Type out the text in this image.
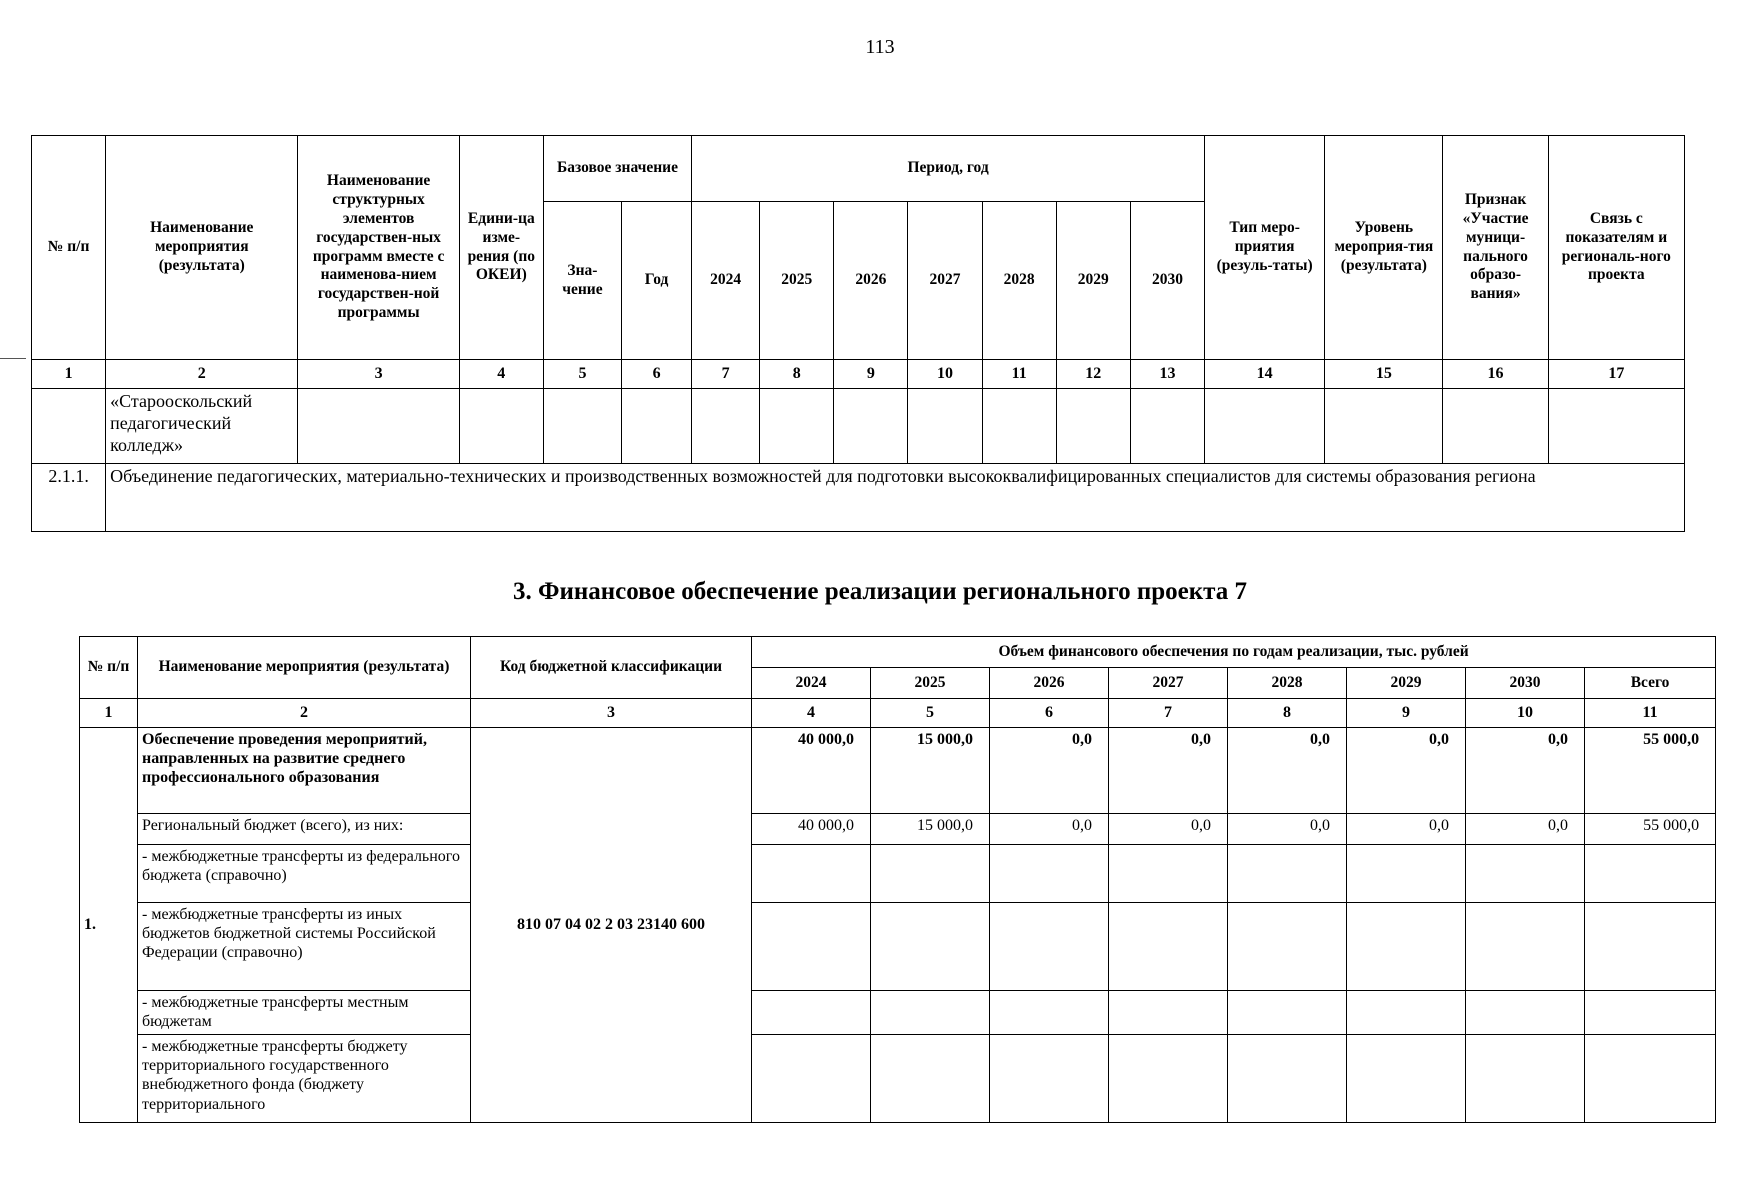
113
№ п/п	Наименование мероприятия (результата)	Наименование структурных элементов государствен-ных программ вместе с наименова-нием государствен-ной программы	Едини-ца изме-рения (по ОКЕИ)	Базовое значение		Период, год							Тип меро-приятия (резуль-таты)	Уровень мероприя-тия (результата)	Признак «Участие муници-пального образо-вания»	Связь с показателям и региональ-ного проекта
				Зна-чение	Год	2024	2025	2026	2027	2028	2029	2030				
1	2	3	4	5	6	7	8	9	10	11	12	13	14	15	16	17
	«Старооскольский педагогический колледж»															
2.1.1.	Объединение педагогических, материально-технических и производственных возможностей для подготовки высококвалифицированных специалистов для системы образования региона															
3. Финансовое обеспечение реализации регионального проекта 7
№ п/п	Наименование мероприятия (результата)	Код бюджетной классификации	Объем финансового обеспечения по годам реализации, тыс. рублей							
			2024	2025	2026	2027	2028	2029	2030	Всего
1	2	3	4	5	6	7	8	9	10	11
1.	Обеспечение проведения мероприятий, направленных на развитие среднего профессионального образования	810 07 04 02 2 03 23140 600	40 000,0	15 000,0	0,0	0,0	0,0	0,0	0,0	55 000,0
	Региональный бюджет (всего), из них:		40 000,0	15 000,0	0,0	0,0	0,0	0,0	0,0	55 000,0
	- межбюджетные трансферты из федерального бюджета (справочно)									
	- межбюджетные трансферты из иных бюджетов бюджетной системы Российской Федерации (справочно)									
	- межбюджетные трансферты местным бюджетам									
	- межбюджетные трансферты бюджету территориального государственного внебюджетного фонда (бюджету территориального									
